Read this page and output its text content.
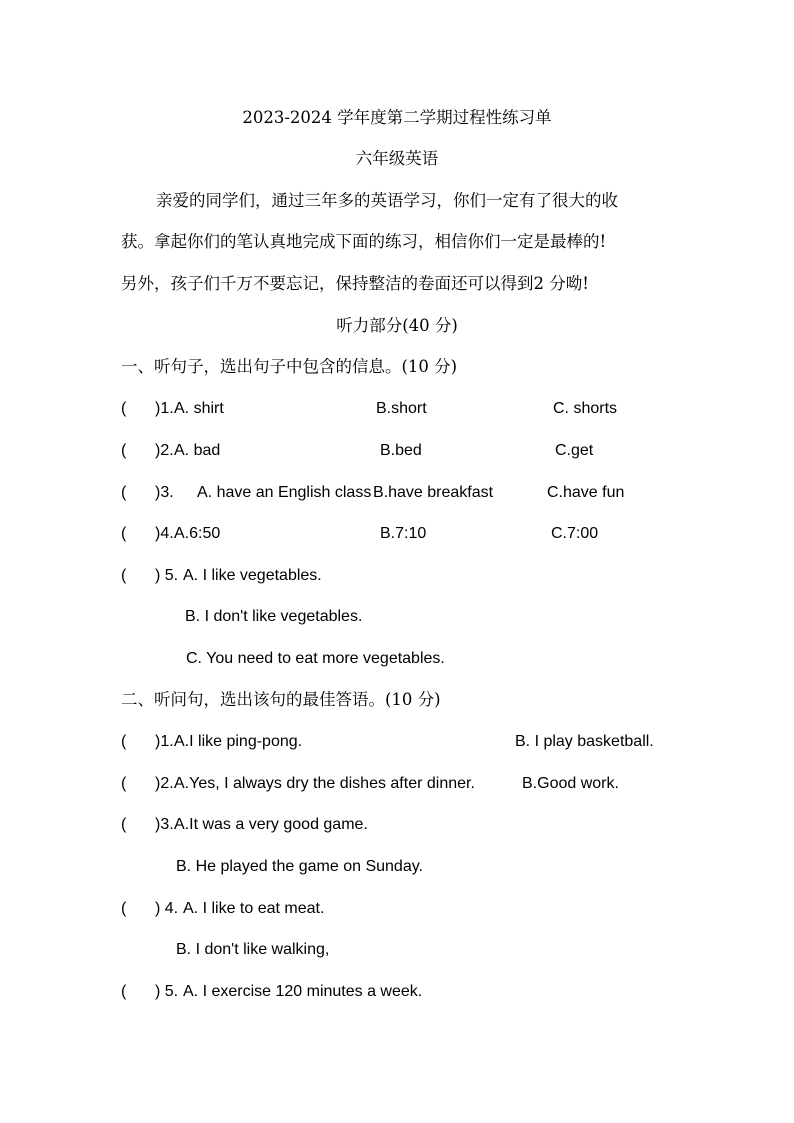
2023-2024 学年度第二学期过程性练习单
六年级英语
亲爱的同学们，通过三年多的英语学习，你们一定有了很大的收
获。拿起你们的笔认真地完成下面的练习，相信你们一定是最棒的!
另外，孩子们千万不要忘记，保持整洁的卷面还可以得到2 分呦!
听力部分(40 分)
一、听句子，选出句子中包含的信息。(10 分)
( )1. A. shirt	B.short	C. shorts
( )2. A. bad	B.bed	C.get
( )3. A. have an English class B.have breakfast	C.have fun
( )4. A.6:50	B.7:10	C.7:00
( ) 5. A. I like vegetables.
B. I don't like vegetables.
C. You need to eat more vegetables.
二、听问句，选出该句的最佳答语。(10 分)
( )1. A.I like ping-pong.	B. I play basketball.
( )2. A.Yes, I always dry the dishes after dinner.	B.Good work.
( )3. A.It was a very good game.
B. He played the game on Sunday.
( ) 4. A. I like to eat meat.
B. I don't like walking,
( ) 5. A. I exercise 120 minutes a week.
